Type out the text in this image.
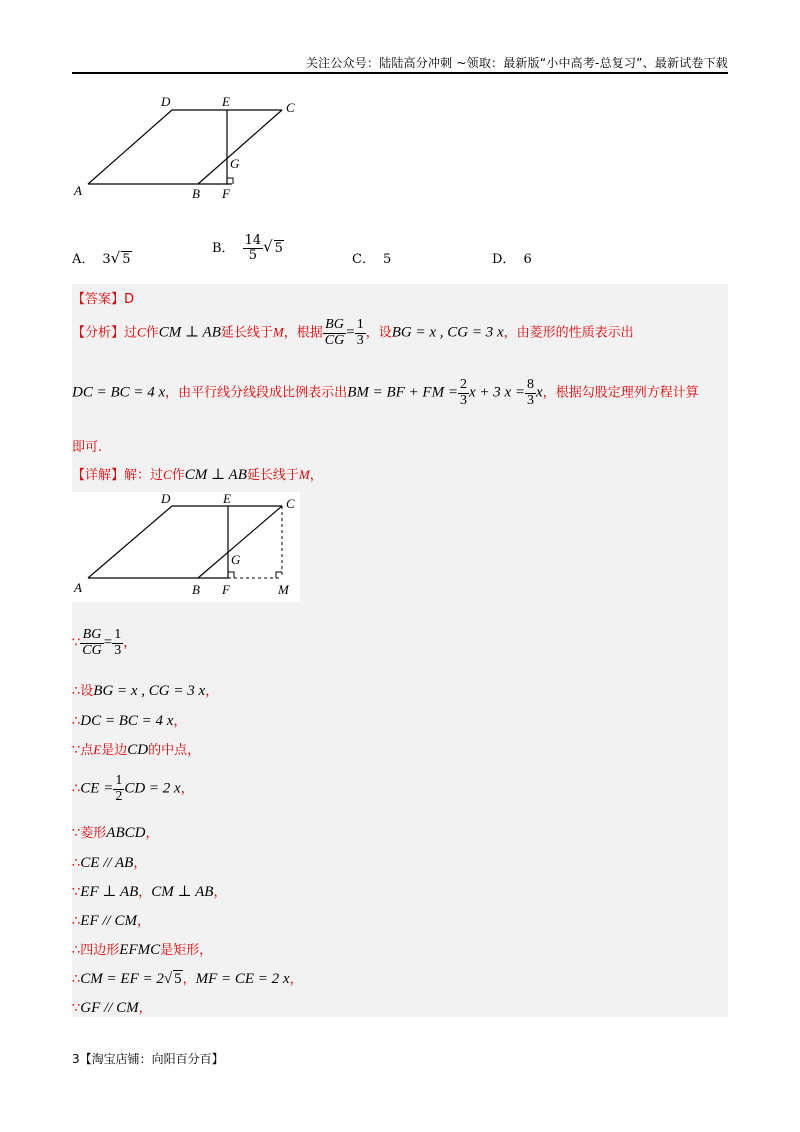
关注公众号：陆陆高分冲刺 ~领取：最新版“小中高考-总复习”、最新试卷下载
A
D	E	C
G
B F
A． 3√ 5
B． $\frac{14}{5}$ √ 5
C． 5	D． 6
【答案】D
【分析】过C作CM ⊥ AB延长线于M，根据 $\frac{BG}{CG} = \frac{1}{3}$ ，设BG = x , CG = 3 x，由菱形的性质表示出
DC = BC = 4 x，由平行线分线段成比例表示出BM = BF + FM = $\frac{2}{3}$ x + 3 $x = \frac{8}{3}$ x，根据勾股定理列方程计算
即可.
【详解】解：过C作CM ⊥ AB延长线于M，
A
D	E	C
G
B F	M
∵ $\frac{BG}{CG} = \frac{1}{3}$ ，
∴设BG = x , CG = 3 x，
∴DC = BC = 4 x，
∵点E是边CD的中点，
∴CE = $\frac{1}{2}$ CD = 2 x，
∵菱形ABCD，
∴CE // AB，
∵EF ⊥ AB，CM ⊥ AB，
∴EF // CM，
∴四边形EFMC是矩形，
∴CM = EF = 2√ 5，MF = CE = 2 x，
∵GF // CM，
3【淘宝店铺：向阳百分百】
